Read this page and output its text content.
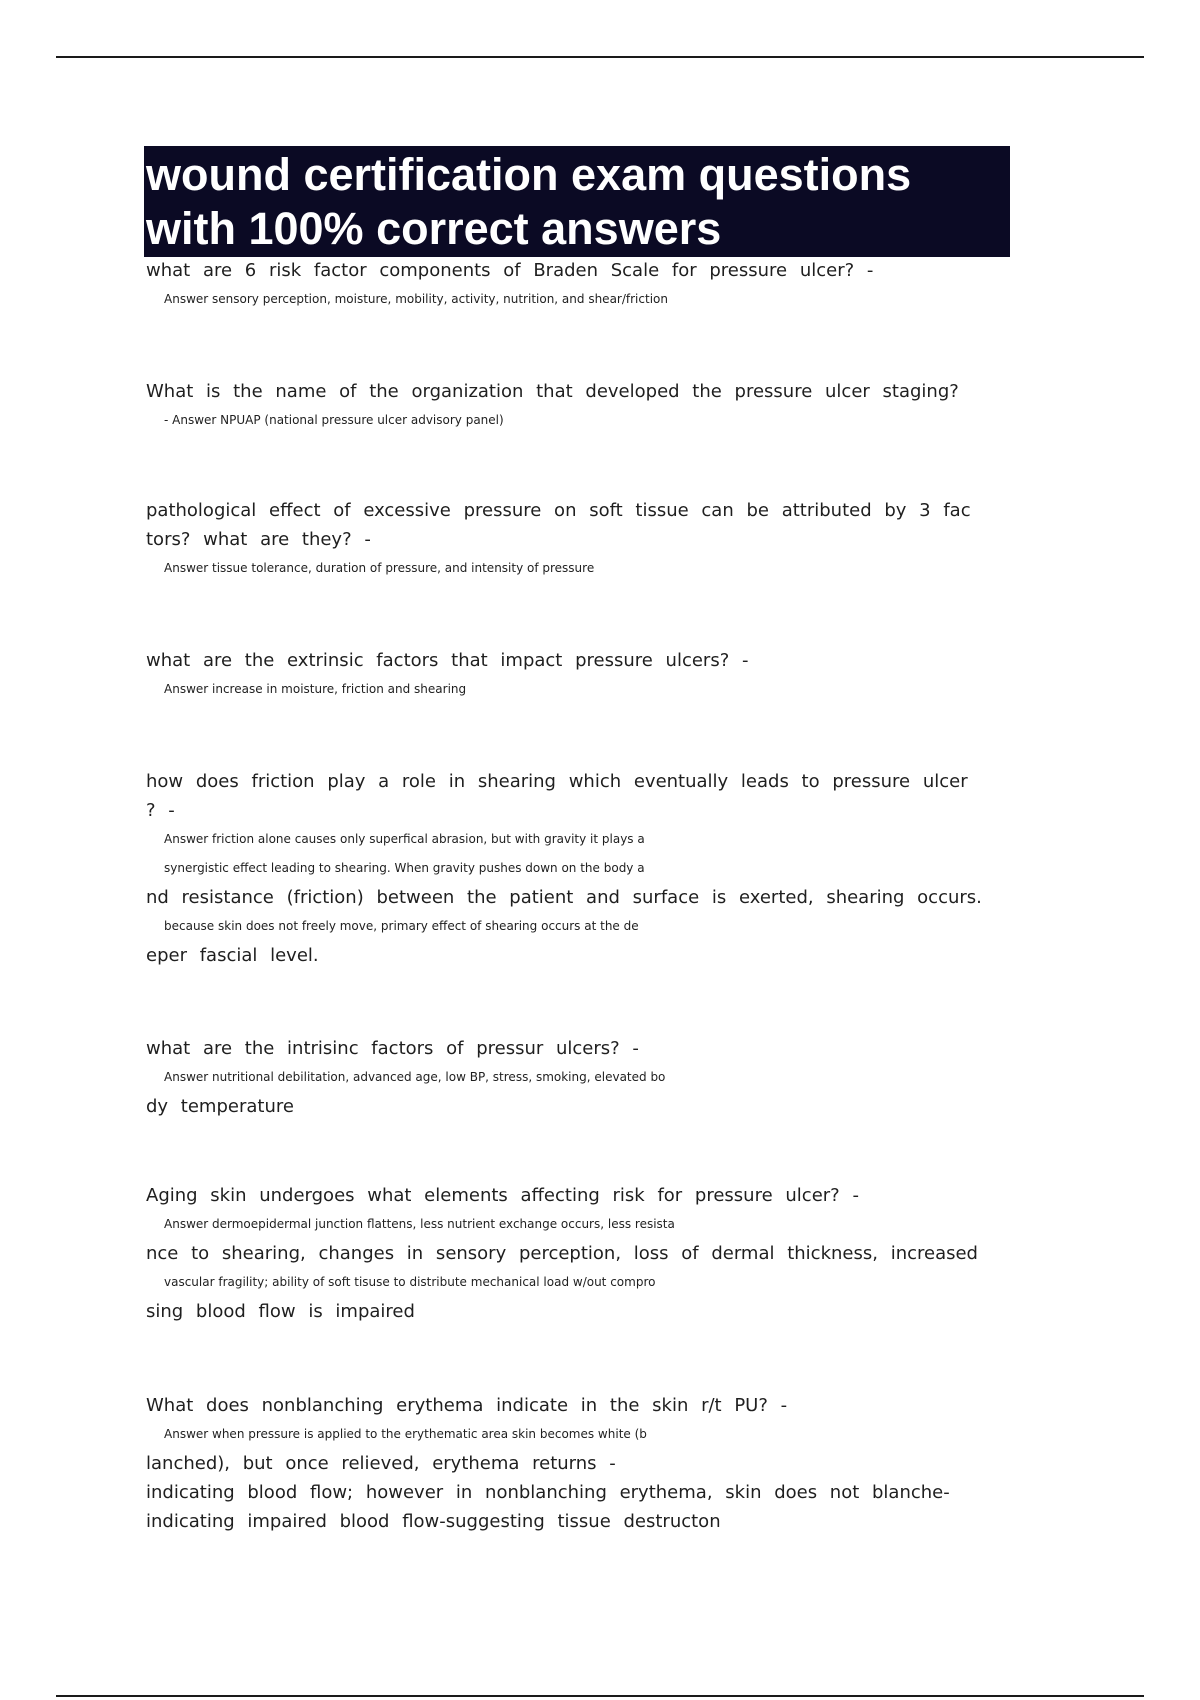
wound certification exam questions
with 100% correct answers
what are 6 risk factor components of Braden Scale for pressure ulcer? -
Answer sensory perception, moisture, mobility, activity, nutrition, and shear/friction
What is the name of the organization that developed the pressure ulcer staging?
- Answer NPUAP (national pressure ulcer advisory panel)
pathological effect of excessive pressure on soft tissue can be attributed by 3 fac
tors? what are they? -
Answer tissue tolerance, duration of pressure, and intensity of pressure
what are the extrinsic factors that impact pressure ulcers? -
Answer increase in moisture, friction and shearing
how does friction play a role in shearing which eventually leads to pressure ulcer
? -
Answer friction alone causes only superfical abrasion, but with gravity it plays a
synergistic effect leading to shearing. When gravity pushes down on the body a
nd resistance (friction) between the patient and surface is exerted, shearing occurs.
because skin does not freely move, primary effect of shearing occurs at the de
eper fascial level.
what are the intrisinc factors of pressur ulcers? -
Answer nutritional debilitation, advanced age, low BP, stress, smoking, elevated bo
dy temperature
Aging skin undergoes what elements affecting risk for pressure ulcer? -
Answer dermoepidermal junction flattens, less nutrient exchange occurs, less resista
nce to shearing, changes in sensory perception, loss of dermal thickness, increased
vascular fragility; ability of soft tisuse to distribute mechanical load w/out compro
sing blood flow is impaired
What does nonblanching erythema indicate in the skin r/t PU? -
Answer when pressure is applied to the erythematic area skin becomes white (b
lanched), but once relieved, erythema returns -
indicating blood flow; however in nonblanching erythema, skin does not blanche-
indicating impaired blood flow-suggesting tissue destructon
